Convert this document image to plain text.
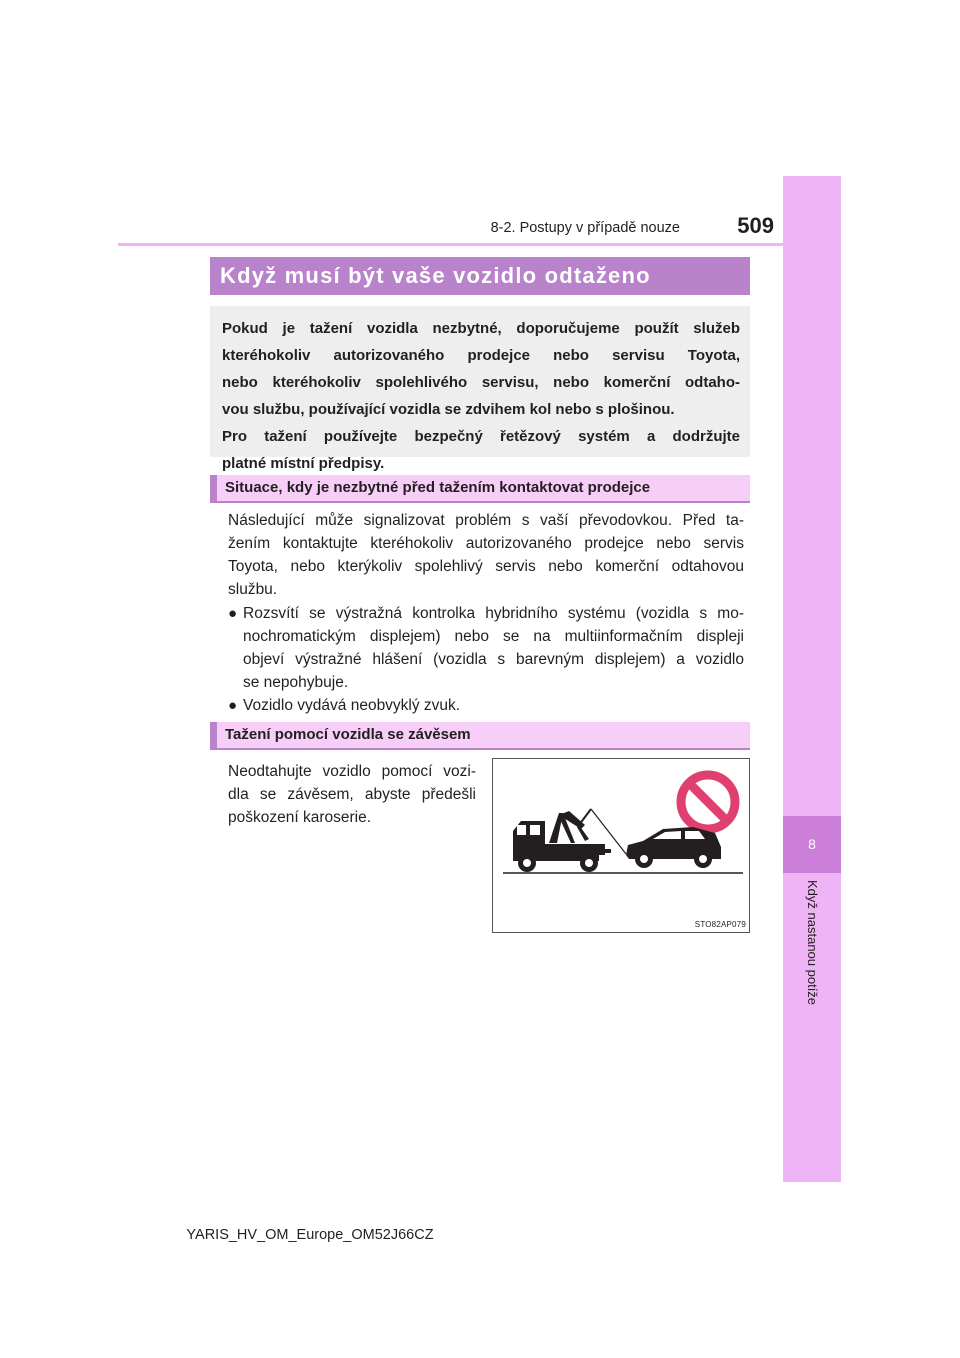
8
Když nastanou potíže
8-2. Postupy v případě nouze	509
Když musí být vaše vozidlo odtaženo

Pokud je tažení vozidla nezbytné, doporučujeme použít služeb

kteréhokoliv autorizovaného prodejce nebo servisu Toyota,

nebo kteréhokoliv spolehlivého servisu, nebo komerční odtaho-

vou službu, používající vozidla se zdvihem kol nebo s plošinou.

Pro tažení používejte bezpečný řetězový systém a dodržujte

platné místní předpisy.

Situace, kdy je nezbytné před tažením kontaktovat prodejce
Následující může signalizovat problém s vaší převodovkou. Před ta-
žením kontaktujte kteréhokoliv autorizovaného prodejce nebo servis
Toyota, nebo kterýkoliv spolehlivý servis nebo komerční odtahovou
službu.
● Rozsvítí se výstražná kontrolka hybridního systému (vozidla s mo-
nochromatickým displejem) nebo se na multiinformačním displeji
objeví výstražné hlášení (vozidla s barevným displejem) a vozidlo
se nepohybuje.
● Vozidlo vydává neobvyklý zvuk.
Tažení pomocí vozidla se závěsem
Neodtahujte vozidlo pomocí vozi-
dla se závěsem, abyste předešli
poškození karoserie.
STO82AP079
YARIS_HV_OM_Europe_OM52J66CZ
